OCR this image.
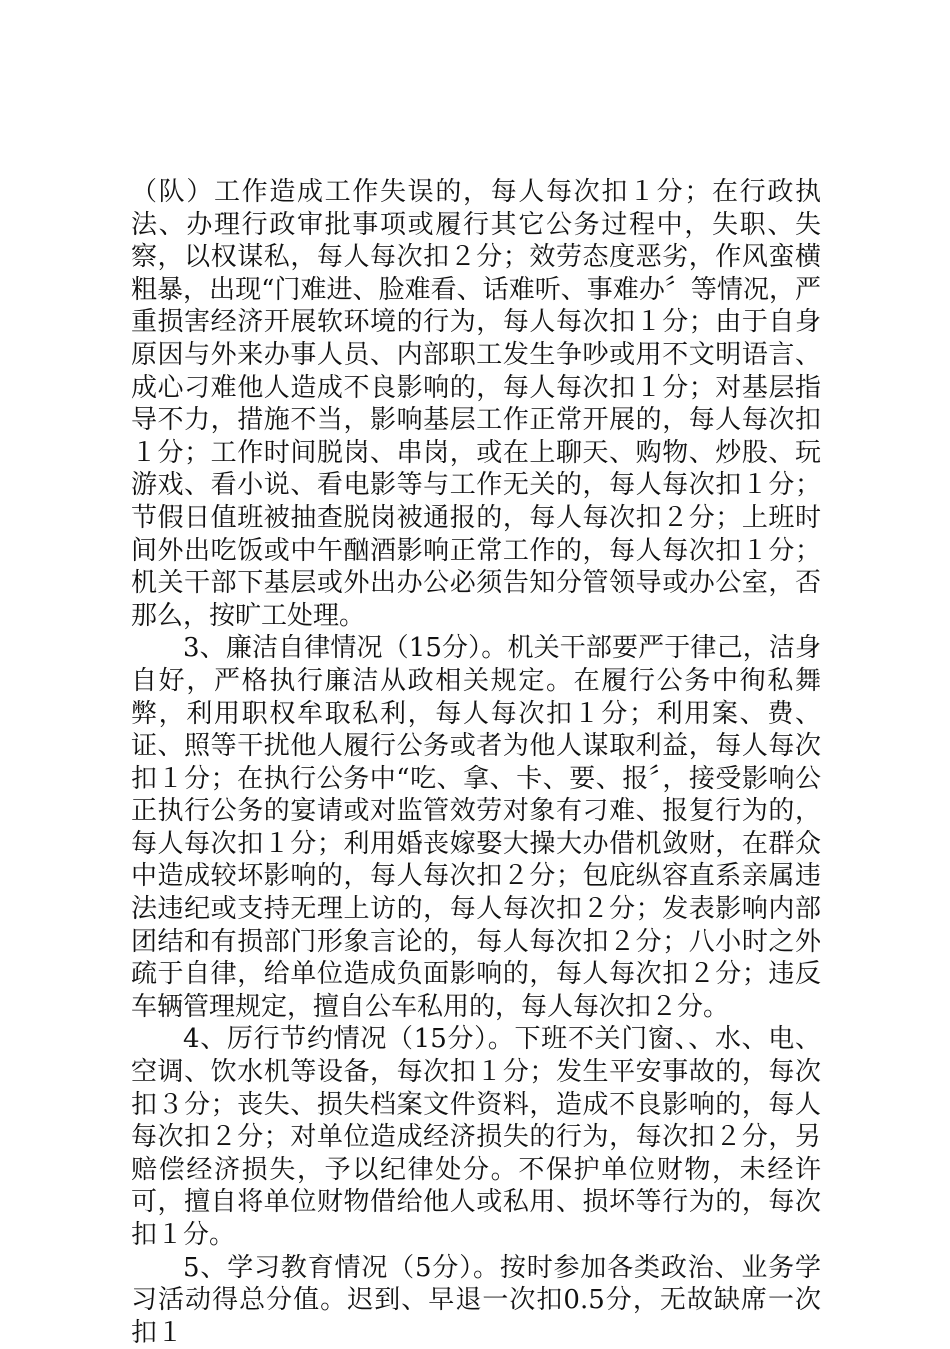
（队）工作造成工作失误的，每人每次扣１分；在行政执法、办理行政审批事项或履行其它公务过程中，失职、失察，以权谋私，每人每次扣２分；效劳态度恶劣，作风蛮横粗暴，出现“门难进、脸难看、话难听、事难办〞等情况，严重损害经济开展软环境的行为，每人每次扣１分；由于自身原因与外来办事人员、内部职工发生争吵或用不文明语言、成心刁难他人造成不良影响的，每人每次扣１分；对基层指导不力，措施不当，影响基层工作正常开展的，每人每次扣１分；工作时间脱岗、串岗，或在上聊天、购物、炒股、玩游戏、看小说、看电影等与工作无关的，每人每次扣１分；节假日值班被抽查脱岗被通报的，每人每次扣２分；上班时间外出吃饭或中午酗酒影响正常工作的，每人每次扣１分；机关干部下基层或外出办公必须告知分管领导或办公室，否那么，按旷工处理。

3、廉洁自律情况（15分）。机关干部要严于律己，洁身自好，严格执行廉洁从政相关规定。在履行公务中徇私舞弊，利用职权牟取私利，每人每次扣１分；利用案、费、证、照等干扰他人履行公务或者为他人谋取利益，每人每次扣１分；在执行公务中“吃、拿、卡、要、报〞，接受影响公正执行公务的宴请或对监管效劳对象有刁难、报复行为的，每人每次扣１分；利用婚丧嫁娶大操大办借机敛财，在群众中造成较坏影响的，每人每次扣２分；包庇纵容直系亲属违法违纪或支持无理上访的，每人每次扣２分；发表影响内部团结和有损部门形象言论的，每人每次扣２分；八小时之外疏于自律，给单位造成负面影响的，每人每次扣２分；违反车辆管理规定，擅自公车私用的，每人每次扣２分。

4、厉行节约情况（15分）。下班不关门窗、、水、电、空调、饮水机等设备，每次扣１分；发生平安事故的，每次扣３分；丧失、损失档案文件资料，造成不良影响的，每人每次扣２分；对单位造成经济损失的行为，每次扣２分，另赔偿经济损失，予以纪律处分。不保护单位财物，未经许可，擅自将单位财物借给他人或私用、损坏等行为的，每次扣１分。

5、学习教育情况（5分）。按时参加各类政治、业务学习活动得总分值。迟到、早退一次扣0.5分，无故缺席一次扣１
